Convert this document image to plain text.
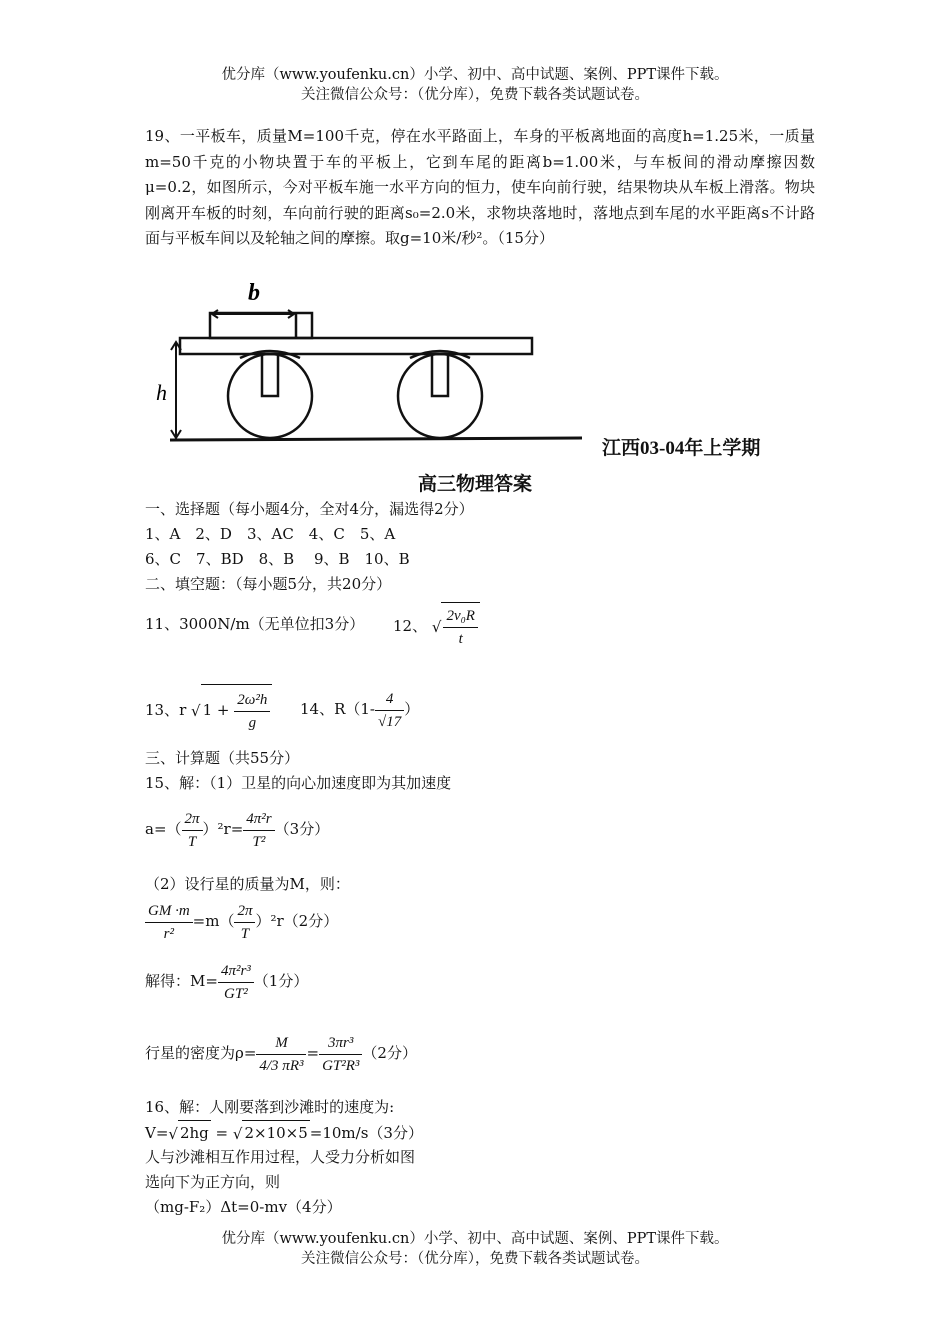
优分库（www.youfenku.cn）小学、初中、高中试题、案例、PPT课件下载。
关注微信公众号：（优分库），免费下载各类试题试卷。
19、一平板车，质量M=100千克，停在水平路面上，车身的平板离地面的高度h=1.25米，一质量m=50千克的小物块置于车的平板上，它到车尾的距离b=1.00米，与车板间的滑动摩擦因数μ=0.2，如图所示，今对平板车施一水平方向的恒力，使车向前行驶，结果物块从车板上滑落。物块刚离开车板的时刻，车向前行驶的距离s₀=2.0米，求物块落地时，落地点到车尾的水平距离s不计路面与平板车间以及轮轴之间的摩擦。取g=10米/秒²。（15分）
b
h
江西03-04年上学期
高三物理答案
一、选择题（每小题4分，全对4分，漏选得2分）
1、A　2、D　3、AC　4、C　5、A
6、C　7、BD　8、B　 9、B　10、B
二、填空题：（每小题5分，共20分）
11、3000N/m（无单位扣3分） 12、 √ $\frac{\text{2v₀R}}{t}$
13、r √ $1 + \frac{\text{2ω²h}}{g} 14$、$R(1- \frac{4}{√17}$ ）
三、计算题（共55分）
15、解：（1）卫星的向心加速度即为其加速度
$a=( \frac{2\pi}{T} )^2r= \frac{\text{4π²r}}{\text{T²}} (3$分）
（2）设行星的质量为M，则：
$\frac{GM \cdot m}{\text{r²}} =m( \frac{2\pi}{T} )^2r(2$分）
解得：$M= \frac{\text{4π²r³}}{\text{GT²}} (1$分）
行星的密度为$\rho= \frac{M}{\text{4/3 πR³}} = \frac{\text{3πr³}}{\text{GT²R³}} (2$分）
16、解：人刚要落到沙滩时的速度为:
V=√ 2hg = √ 2×10×5 =10m/s（3分）
人与沙滩相互作用过程，人受力分析如图
选向下为正方向，则
（mg-F₂）Δt=0-mv（4分）
优分库（www.youfenku.cn）小学、初中、高中试题、案例、PPT课件下载。
关注微信公众号：（优分库），免费下载各类试题试卷。
